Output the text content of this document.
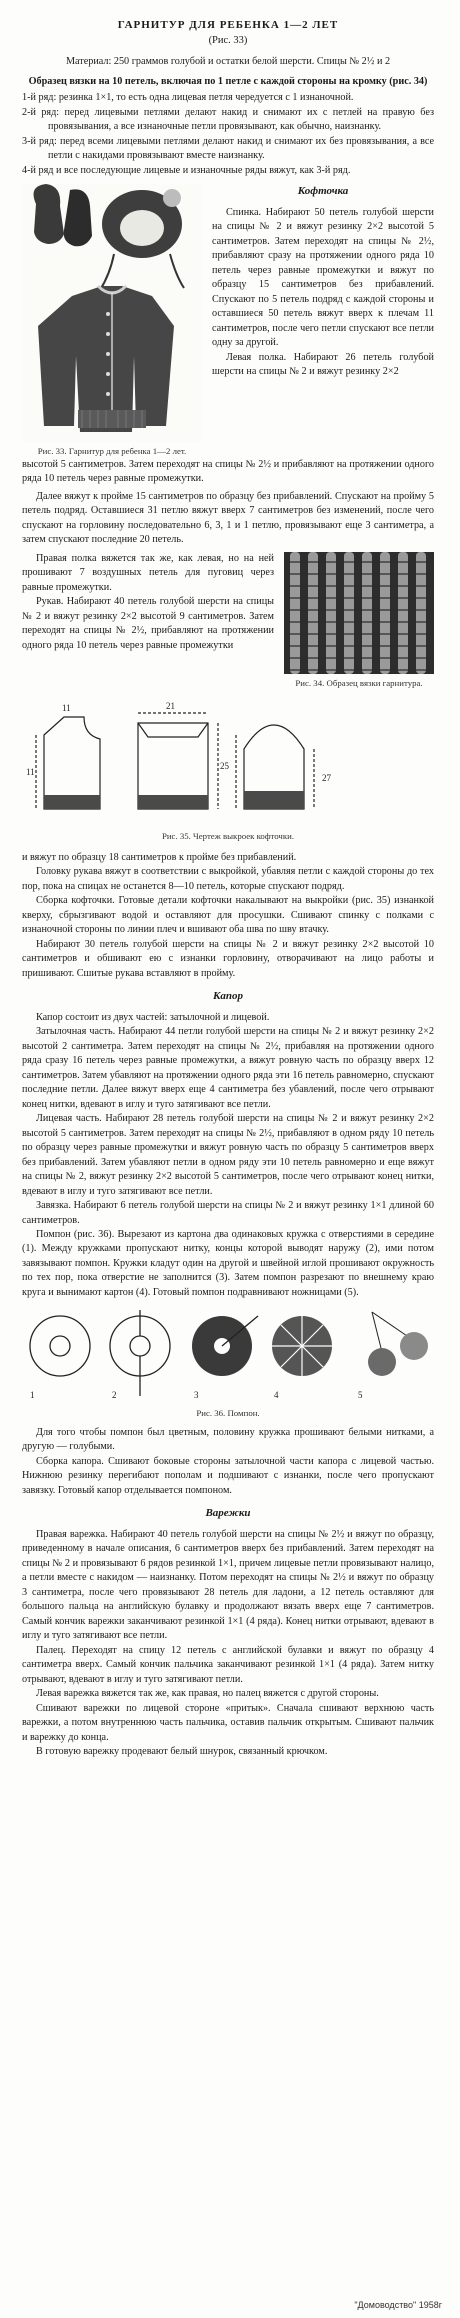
ГАРНИТУР ДЛЯ РЕБЕНКА 1—2 ЛЕТ

(Рис. 33)

Материал: 250 граммов голубой и остатки белой шерсти. Спицы № 2½ и 2

Образец вязки на 10 петель, включая по 1 петле с каждой стороны на кромку (рис. 34)

1-й ряд: резинка 1×1, то есть одна лицевая петля чередуется с 1 изнаночной.

2-й ряд: перед лицевыми петлями делают накид и снимают их с петлей на правую без провязывания, а все изнаночные петли провязывают, как обычно, наизнанку.

3-й ряд: перед всеми лицевыми петлями делают накид и снимают их без провязывания, а все петли с накидами провязывают вместе наизнанку.

4-й ряд и все последующие лицевые и изнаночные ряды вяжут, как 3-й ряд.

Рис. 33. Гарнитур для ребенка 1—2 лет.

Кофточка

Спинка. Набирают 50 петель голубой шерсти на спицы № 2 и вяжут резинку 2×2 высотой 5 сантиметров. Затем переходят на спицы № 2½, прибавляют сразу на протяжении одного ряда 10 петель через равные промежутки и вяжут по образцу 15 сантиметров без прибавлений. Спускают по 5 петель подряд с каждой стороны и оставшиеся 50 петель вяжут вверх к плечам 11 сантиметров, после чего петли спускают все петли одну за другой.

Левая полка. Набирают 26 петель голубой шерсти на спицы № 2 и вяжут резинку 2×2

высотой 5 сантиметров. Затем переходят на спицы № 2½ и прибавляют на протяжении одного ряда 10 петель через равные промежутки.

Далее вяжут к пройме 15 сантиметров по образцу без прибавлений. Спускают на пройму 5 петель подряд. Оставшиеся 31 петлю вяжут вверх 7 сантиметров без изменений, после чего спускают на горловину последовательно 6, 3, 1 и 1 петлю, провязывают еще 3 сантиметра, а затем спускают последние 20 петель.

Правая полка вяжется так же, как левая, но на ней прошивают 7 воздушных петель для пуговиц через равные промежутки.

Рукав. Набирают 40 петель голубой шерсти на спицы № 2 и вяжут резинку 2×2 высотой 9 сантиметров. Затем переходят на спицы № 2½, прибавляют на протяжении одного ряда 10 петель через равные промежутки

Рис. 34. Образец вязки гарнитура.

11	21
25
27
11

Рис. 35. Чертеж выкроек кофточки.

и вяжут по образцу 18 сантиметров к пройме без прибавлений.

Головку рукава вяжут в соответствии с выкройкой, убавляя петли с каждой стороны до тех пор, пока на спицах не останется 8—10 петель, которые спускают подряд.

Сборка кофточки. Готовые детали кофточки накалывают на выкройки (рис. 35) изнанкой кверху, сбрызгивают водой и оставляют для просушки. Сшивают спинку с полками с изнаночной стороны по линии плеч и вшивают оба шва по шву втачку.

Набирают 30 петель голубой шерсти на спицы № 2 и вяжут резинку 2×2 высотой 10 сантиметров и обшивают ею с изнанки горловину, отворачивают на лицо работы и пришивают. Сшитые рукава вставляют в пройму.

Капор

Капор состоит из двух частей: затылочной и лицевой.

Затылочная часть. Набирают 44 петли голубой шерсти на спицы № 2 и вяжут резинку 2×2 высотой 2 сантиметра. Затем переходят на спицы № 2½, прибавляя на протяжении одного ряда сразу 16 петель через равные промежутки, а вяжут ровную часть по образцу вверх 12 сантиметров. Затем убавляют на протяжении одного ряда эти 16 петель равномерно, спускают последние петли. Далее вяжут вверх еще 4 сантиметра без убавлений, после чего отрывают конец нитки, вдевают в иглу и туго затягивают все петли.

Лицевая часть. Набирают 28 петель голубой шерсти на спицы № 2 и вяжут резинку 2×2 высотой 5 сантиметров. Затем переходят на спицы № 2½, прибавляют в одном ряду 10 петель по образцу через равные промежутки и вяжут ровную часть по образцу 5 сантиметров вверх без прибавлений. Затем убавляют петли в одном ряду эти 10 петель равномерно и еще вяжут на спицы № 2, вяжут резинку 2×2 высотой 5 сантиметров, после чего отрывают конец нитки, вдевают в иглу и туго затягивают все петли.

Завязка. Набирают 6 петель голубой шерсти на спицы № 2 и вяжут резинку 1×1 длиной 60 сантиметров.

Помпон (рис. 36). Вырезают из картона два одинаковых кружка с отверстиями в середине (1). Между кружками пропускают нитку, концы которой выводят наружу (2), ими потом завязывают помпон. Кружки кладут один на другой и швейной иглой прошивают окружность по тех пор, пока отверстие не заполнится (3). Затем помпон разрезают по внешнему краю круга и вынимают картон (4). Готовый помпон подравнивают ножницами (5).

1	2	3	4	5

Рис. 36. Помпон.

Для того чтобы помпон был цветным, половину кружка прошивают белыми нитками, а другую — голубыми.

Сборка капора. Сшивают боковые стороны затылочной части капора с лицевой частью. Нижнюю резинку перегибают пополам и подшивают с изнанки, после чего пропускают завязку. Готовый капор отделывается помпоном.

Варежки

Правая варежка. Набирают 40 петель голубой шерсти на спицы № 2½ и вяжут по образцу, приведенному в начале описания, 6 сантиметров вверх без прибавлений. Затем переходят на спицы № 2 и провязывают 6 рядов резинкой 1×1, причем лицевые петли провязывают налицо, а петли вместе с накидом — наизнанку. Потом переходят на спицы № 2½ и вяжут по образцу 3 сантиметра, после чего провязывают 28 петель для ладони, а 12 петель оставляют для большого пальца на английскую булавку и продолжают вязать вверх еще 7 сантиметров. Самый кончик варежки заканчивают резинкой 1×1 (4 ряда). Конец нитки отрывают, вдевают в иглу и туго затягивают все петли.

Палец. Переходят на спицу 12 петель с английской булавки и вяжут по образцу 4 сантиметра вверх. Самый кончик пальчика заканчивают резинкой 1×1 (4 ряда). Затем нитку отрывают, вдевают в иглу и туго затягивают петли.

Левая варежка вяжется так же, как правая, но палец вяжется с другой стороны.

Сшивают варежки по лицевой стороне «притык». Сначала сшивают верхнюю часть варежки, а потом внутреннюю часть пальчика, оставив пальчик открытым. Сшивают пальчик и варежку до конца.

В готовую варежку продевают белый шнурок, связанный крючком.

"Домоводство" 1958г
